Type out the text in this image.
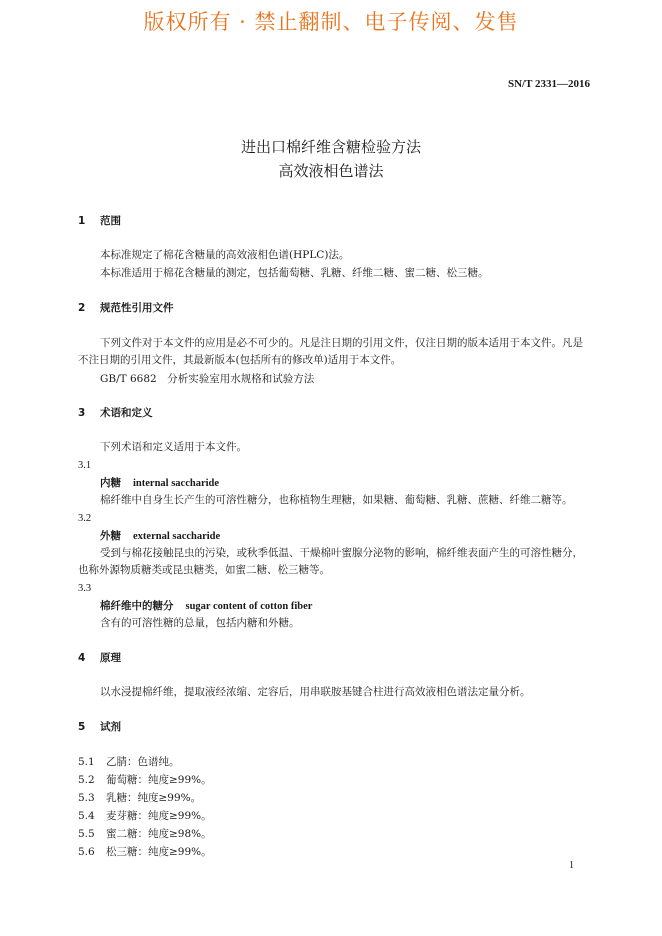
版权所有 · 禁止翻制、电子传阅、发售
SN/T 2331—2016
进出口棉纤维含糖检验方法
高效液相色谱法
1 范围
本标准规定了棉花含糖量的高效液相色谱(HPLC)法。
本标准适用于棉花含糖量的测定，包括葡萄糖、乳糖、纤维二糖、蜜二糖、松三糖。
2 规范性引用文件
下列文件对于本文件的应用是必不可少的。凡是注日期的引用文件，仅注日期的版本适用于本文件。凡是不注日期的引用文件，其最新版本(包括所有的修改单)适用于本文件。
GB/T 6682　分析实验室用水规格和试验方法
3 术语和定义
下列术语和定义适用于本文件。
3.1
内糖 internal saccharide
棉纤维中自身生长产生的可溶性糖分，也称植物生理糖，如果糖、葡萄糖、乳糖、蔗糖、纤维二糖等。
3.2
外糖 external saccharide
受到与棉花接触昆虫的污染，或秋季低温、干燥棉叶蜜腺分泌物的影响，棉纤维表面产生的可溶性糖分，也称外源物质糖类或昆虫糖类，如蜜二糖、松三糖等。
3.3
棉纤维中的糖分 sugar content of cotton fiber
含有的可溶性糖的总量，包括内糖和外糖。
4 原理
以水浸提棉纤维，提取液经浓缩、定容后，用串联胺基键合柱进行高效液相色谱法定量分析。
5 试剂
5.1 乙腈：色谱纯。
5.2 葡萄糖：纯度≥99%。
5.3 乳糖：纯度≥99%。
5.4 麦芽糖：纯度≥99%。
5.5 蜜二糖：纯度≥98%。
5.6 松三糖：纯度≥99%。
1
